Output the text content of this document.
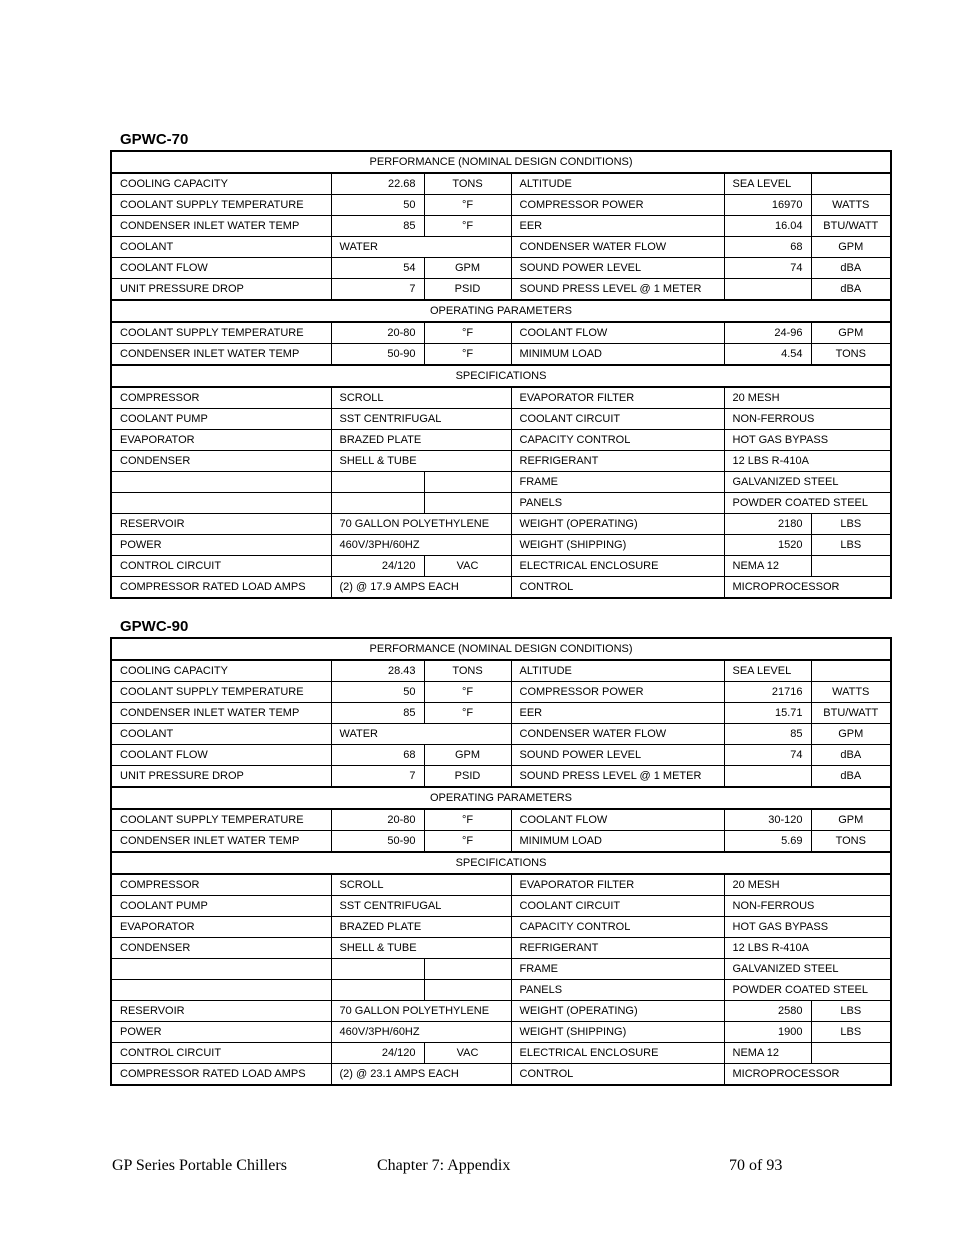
GPWC-70
PERFORMANCE (NOMINAL DESIGN CONDITIONS)					
COOLING CAPACITY	22.68	TONS	ALTITUDE	SEA LEVEL	
COOLANT SUPPLY TEMPERATURE	50	°F	COMPRESSOR POWER	16970	WATTS
CONDENSER INLET WATER TEMP	85	°F	EER	16.04	BTU/WATT
COOLANT	WATER		CONDENSER WATER FLOW	68	GPM
COOLANT FLOW	54	GPM	SOUND POWER LEVEL	74	dBA
UNIT PRESSURE DROP	7	PSID	SOUND PRESS LEVEL @ 1 METER		dBA
OPERATING PARAMETERS					
COOLANT SUPPLY TEMPERATURE	20-80	°F	COOLANT FLOW	24-96	GPM
CONDENSER INLET WATER TEMP	50-90	°F	MINIMUM LOAD	4.54	TONS
SPECIFICATIONS					
COMPRESSOR	SCROLL		EVAPORATOR FILTER	20 MESH	
COOLANT PUMP	SST CENTRIFUGAL		COOLANT CIRCUIT	NON-FERROUS	
EVAPORATOR	BRAZED PLATE		CAPACITY CONTROL	HOT GAS BYPASS	
CONDENSER	SHELL & TUBE		REFRIGERANT	12 LBS R-410A	
			FRAME	GALVANIZED STEEL	
			PANELS	POWDER COATED STEEL	
RESERVOIR	70 GALLON POLYETHYLENE		WEIGHT (OPERATING)	2180	LBS
POWER	460V/3PH/60HZ		WEIGHT (SHIPPING)	1520	LBS
CONTROL CIRCUIT	24/120	VAC	ELECTRICAL ENCLOSURE	NEMA 12	
COMPRESSOR RATED LOAD AMPS	(2) @ 17.9 AMPS EACH		CONTROL	MICROPROCESSOR	
GPWC-90
PERFORMANCE (NOMINAL DESIGN CONDITIONS)					
COOLING CAPACITY	28.43	TONS	ALTITUDE	SEA LEVEL	
COOLANT SUPPLY TEMPERATURE	50	°F	COMPRESSOR POWER	21716	WATTS
CONDENSER INLET WATER TEMP	85	°F	EER	15.71	BTU/WATT
COOLANT	WATER		CONDENSER WATER FLOW	85	GPM
COOLANT FLOW	68	GPM	SOUND POWER LEVEL	74	dBA
UNIT PRESSURE DROP	7	PSID	SOUND PRESS LEVEL @ 1 METER		dBA
OPERATING PARAMETERS					
COOLANT SUPPLY TEMPERATURE	20-80	°F	COOLANT FLOW	30-120	GPM
CONDENSER INLET WATER TEMP	50-90	°F	MINIMUM LOAD	5.69	TONS
SPECIFICATIONS					
COMPRESSOR	SCROLL		EVAPORATOR FILTER	20 MESH	
COOLANT PUMP	SST CENTRIFUGAL		COOLANT CIRCUIT	NON-FERROUS	
EVAPORATOR	BRAZED PLATE		CAPACITY CONTROL	HOT GAS BYPASS	
CONDENSER	SHELL & TUBE		REFRIGERANT	12 LBS R-410A	
			FRAME	GALVANIZED STEEL	
			PANELS	POWDER COATED STEEL	
RESERVOIR	70 GALLON POLYETHYLENE		WEIGHT (OPERATING)	2580	LBS
POWER	460V/3PH/60HZ		WEIGHT (SHIPPING)	1900	LBS
CONTROL CIRCUIT	24/120	VAC	ELECTRICAL ENCLOSURE	NEMA 12	
COMPRESSOR RATED LOAD AMPS	(2) @ 23.1 AMPS EACH		CONTROL	MICROPROCESSOR	
GP Series Portable Chillers	Chapter 7: Appendix	70 of 93
